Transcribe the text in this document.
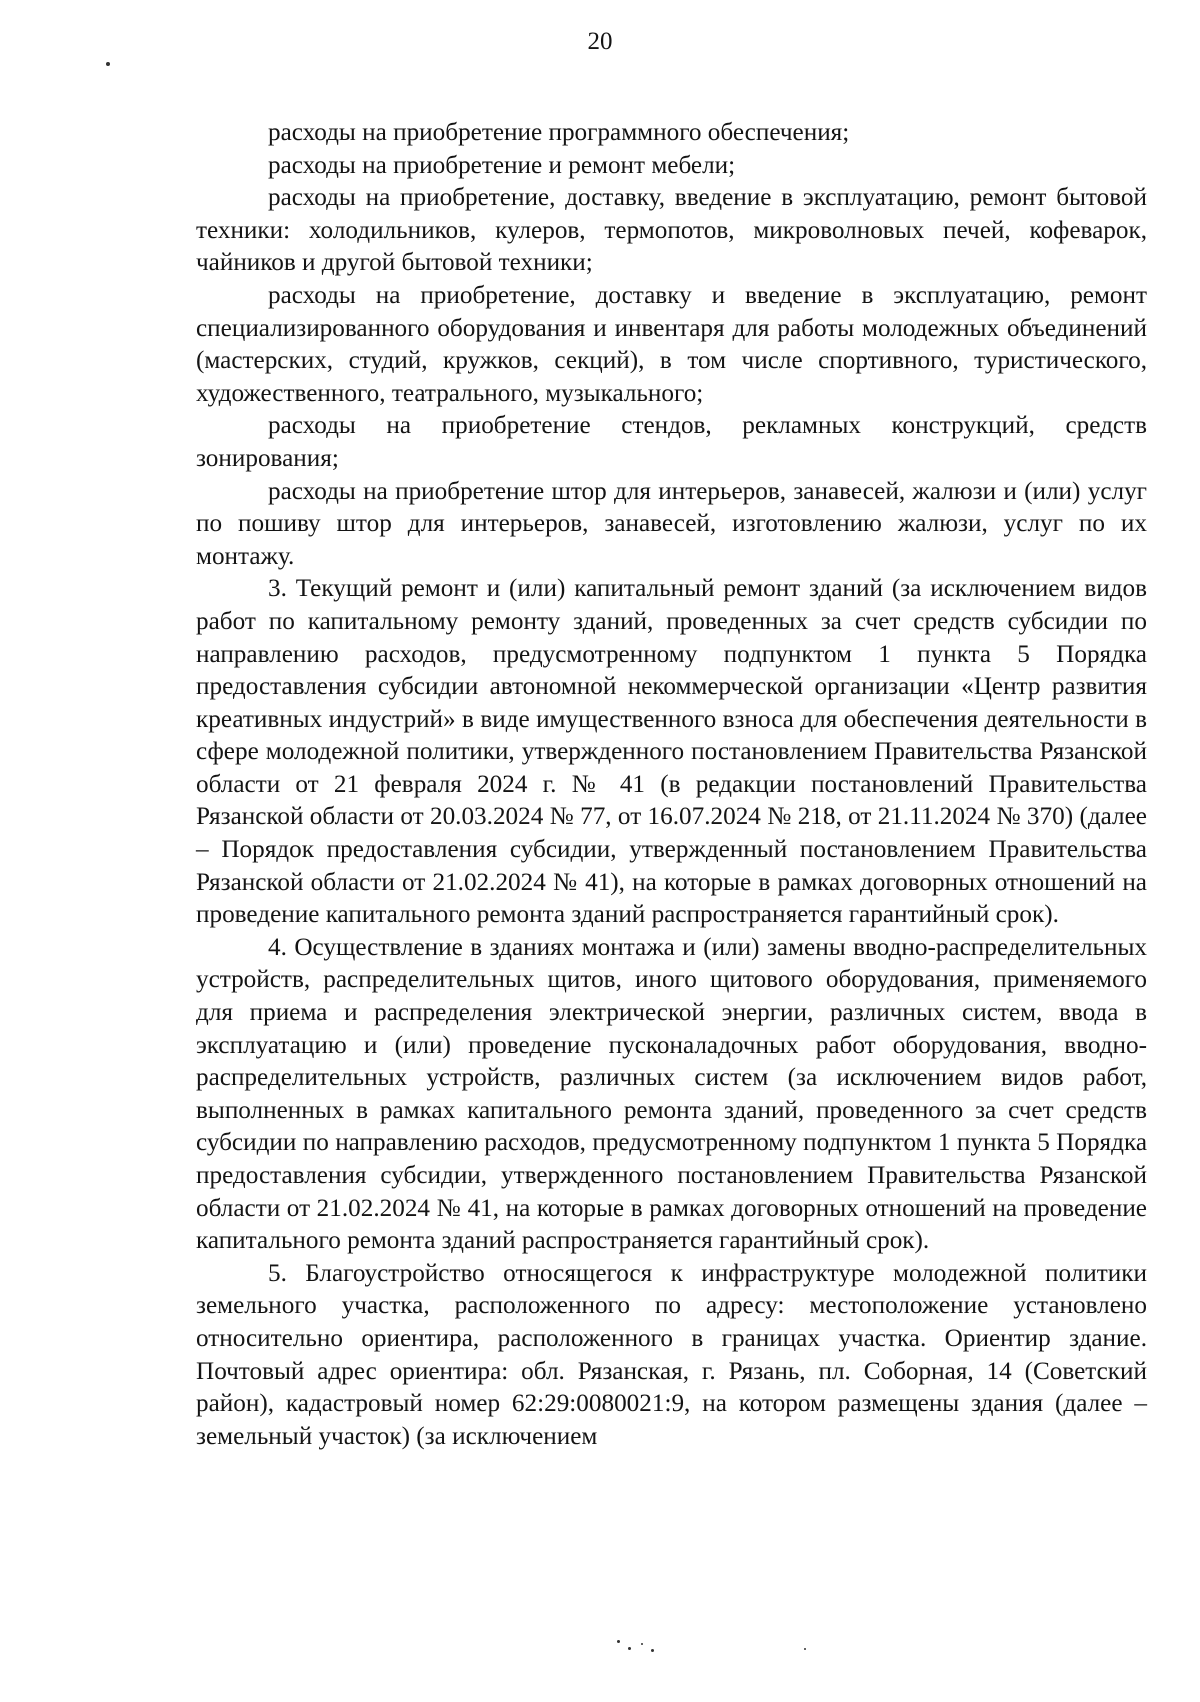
20

расходы на приобретение программного обеспечения;

расходы на приобретение и ремонт мебели;

расходы на приобретение, доставку, введение в эксплуатацию, ремонт бытовой техники: холодильников, кулеров, термопотов, микроволновых печей, кофеварок, чайников и другой бытовой техники;

расходы на приобретение, доставку и введение в эксплуатацию, ремонт специализированного оборудования и инвентаря для работы молодежных объединений (мастерских, студий, кружков, секций), в том числе спортивного, туристического, художественного, театрального, музыкального;

расходы на приобретение стендов, рекламных конструкций, средств зонирования;

расходы на приобретение штор для интерьеров, занавесей, жалюзи и (или) услуг по пошиву штор для интерьеров, занавесей, изготовлению жалюзи, услуг по их монтажу.

3. Текущий ремонт и (или) капитальный ремонт зданий (за исключением видов работ по капитальному ремонту зданий, проведенных за счет средств субсидии по направлению расходов, предусмотренному подпунктом 1 пункта 5 Порядка предоставления субсидии автономной некоммерческой организации «Центр развития креативных индустрий» в виде имущественного взноса для обеспечения деятельности в сфере молодежной политики, утвержденного постановлением Правительства Рязанской области от 21 февраля 2024 г. № 41 (в редакции постановлений Правительства Рязанской области от 20.03.2024 № 77, от 16.07.2024 № 218, от 21.11.2024 № 370) (далее – Порядок предоставления субсидии, утвержденный постановлением Правительства Рязанской области от 21.02.2024 № 41), на которые в рамках договорных отношений на проведение капитального ремонта зданий распространяется гарантийный срок).

4. Осуществление в зданиях монтажа и (или) замены вводно-распределительных устройств, распределительных щитов, иного щитового оборудования, применяемого для приема и распределения электрической энергии, различных систем, ввода в эксплуатацию и (или) проведение пусконаладочных работ оборудования, вводно-распределительных устройств, различных систем (за исключением видов работ, выполненных в рамках капитального ремонта зданий, проведенного за счет средств субсидии по направлению расходов, предусмотренному подпунктом 1 пункта 5 Порядка предоставления субсидии, утвержденного постановлением Правительства Рязанской области от 21.02.2024 № 41, на которые в рамках договорных отношений на проведение капитального ремонта зданий распространяется гарантийный срок).

5. Благоустройство относящегося к инфраструктуре молодежной политики земельного участка, расположенного по адресу: местоположение установлено относительно ориентира, расположенного в границах участка. Ориентир здание. Почтовый адрес ориентира: обл. Рязанская, г. Рязань, пл. Соборная, 14 (Советский район), кадастровый номер 62:29:0080021:9, на котором размещены здания (далее – земельный участок) (за исключением
